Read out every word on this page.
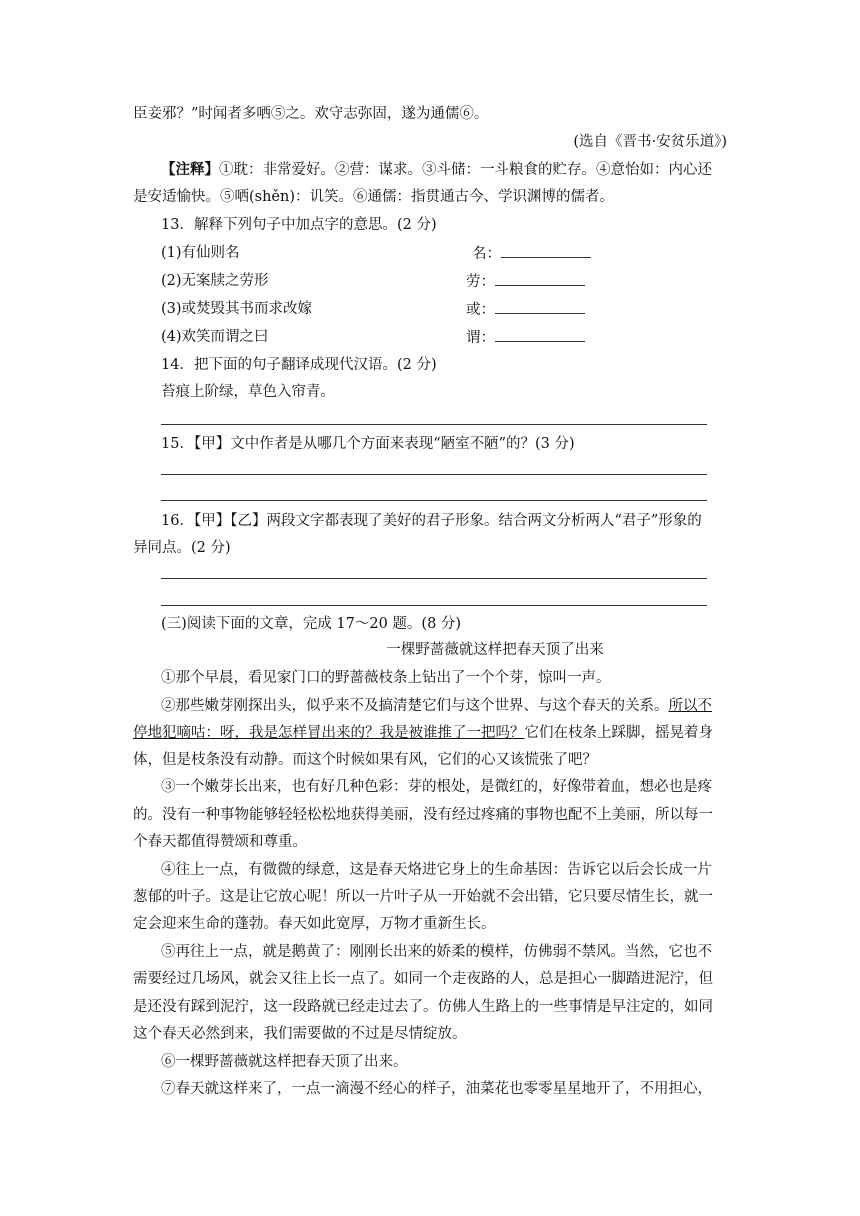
臣妾邪？”时闻者多哂⑤之。欢守志弥固，遂为通儒⑥。
(选自《晋书·安贫乐道》)
【注释】①耽：非常爱好。②营：谋求。③斗储：一斗粮食的贮存。④意怡如：内心还
是安适愉快。⑤哂(shěn)：讥笑。⑥通儒：指贯通古今、学识渊博的儒者。
13．解释下列句子中加点字的意思。(2 分)
(1)有仙则名	名：
(2)无案牍之劳形	劳：
(3)或焚毁其书而求改嫁	或：
(4)欢笑而谓之曰	谓：
14．把下面的句子翻译成现代汉语。(2 分)
苔痕上阶绿，草色入帘青。
15．【甲】文中作者是从哪几个方面来表现“陋室不陋”的？(3 分)
16．【甲】【乙】两段文字都表现了美好的君子形象。结合两文分析两人“君子”形象的
异同点。(2 分)
(三)阅读下面的文章，完成 17～20 题。(8 分)
一棵野蔷薇就这样把春天顶了出来
①那个早晨，看见家门口的野蔷薇枝条上钻出了一个个芽，惊叫一声。
②那些嫩芽刚探出头，似乎来不及搞清楚它们与这个世界、与这个春天的关系。所以不
停地犯嘀咕：呀，我是怎样冒出来的？我是被谁推了一把吗？它们在枝条上踩脚，摇晃着身
体，但是枝条没有动静。而这个时候如果有风，它们的心又该慌张了吧？
③一个嫩芽长出来，也有好几种色彩：芽的根处，是微红的，好像带着血，想必也是疼
的。没有一种事物能够轻轻松松地获得美丽，没有经过疼痛的事物也配不上美丽，所以每一
个春天都值得赞颂和尊重。
④往上一点，有微微的绿意，这是春天烙进它身上的生命基因：告诉它以后会长成一片
葱郁的叶子。这是让它放心呢！所以一片叶子从一开始就不会出错，它只要尽情生长，就一
定会迎来生命的蓬勃。春天如此宽厚，万物才重新生长。
⑤再往上一点，就是鹅黄了：刚刚长出来的娇柔的模样，仿佛弱不禁风。当然，它也不
需要经过几场风，就会又往上长一点了。如同一个走夜路的人，总是担心一脚踏进泥泞，但
是还没有踩到泥泞，这一段路就已经走过去了。仿佛人生路上的一些事情是早注定的，如同
这个春天必然到来，我们需要做的不过是尽情绽放。
⑥一棵野蔷薇就这样把春天顶了出来。
⑦春天就这样来了，一点一滴漫不经心的样子，油菜花也零零星星地开了，不用担心，
